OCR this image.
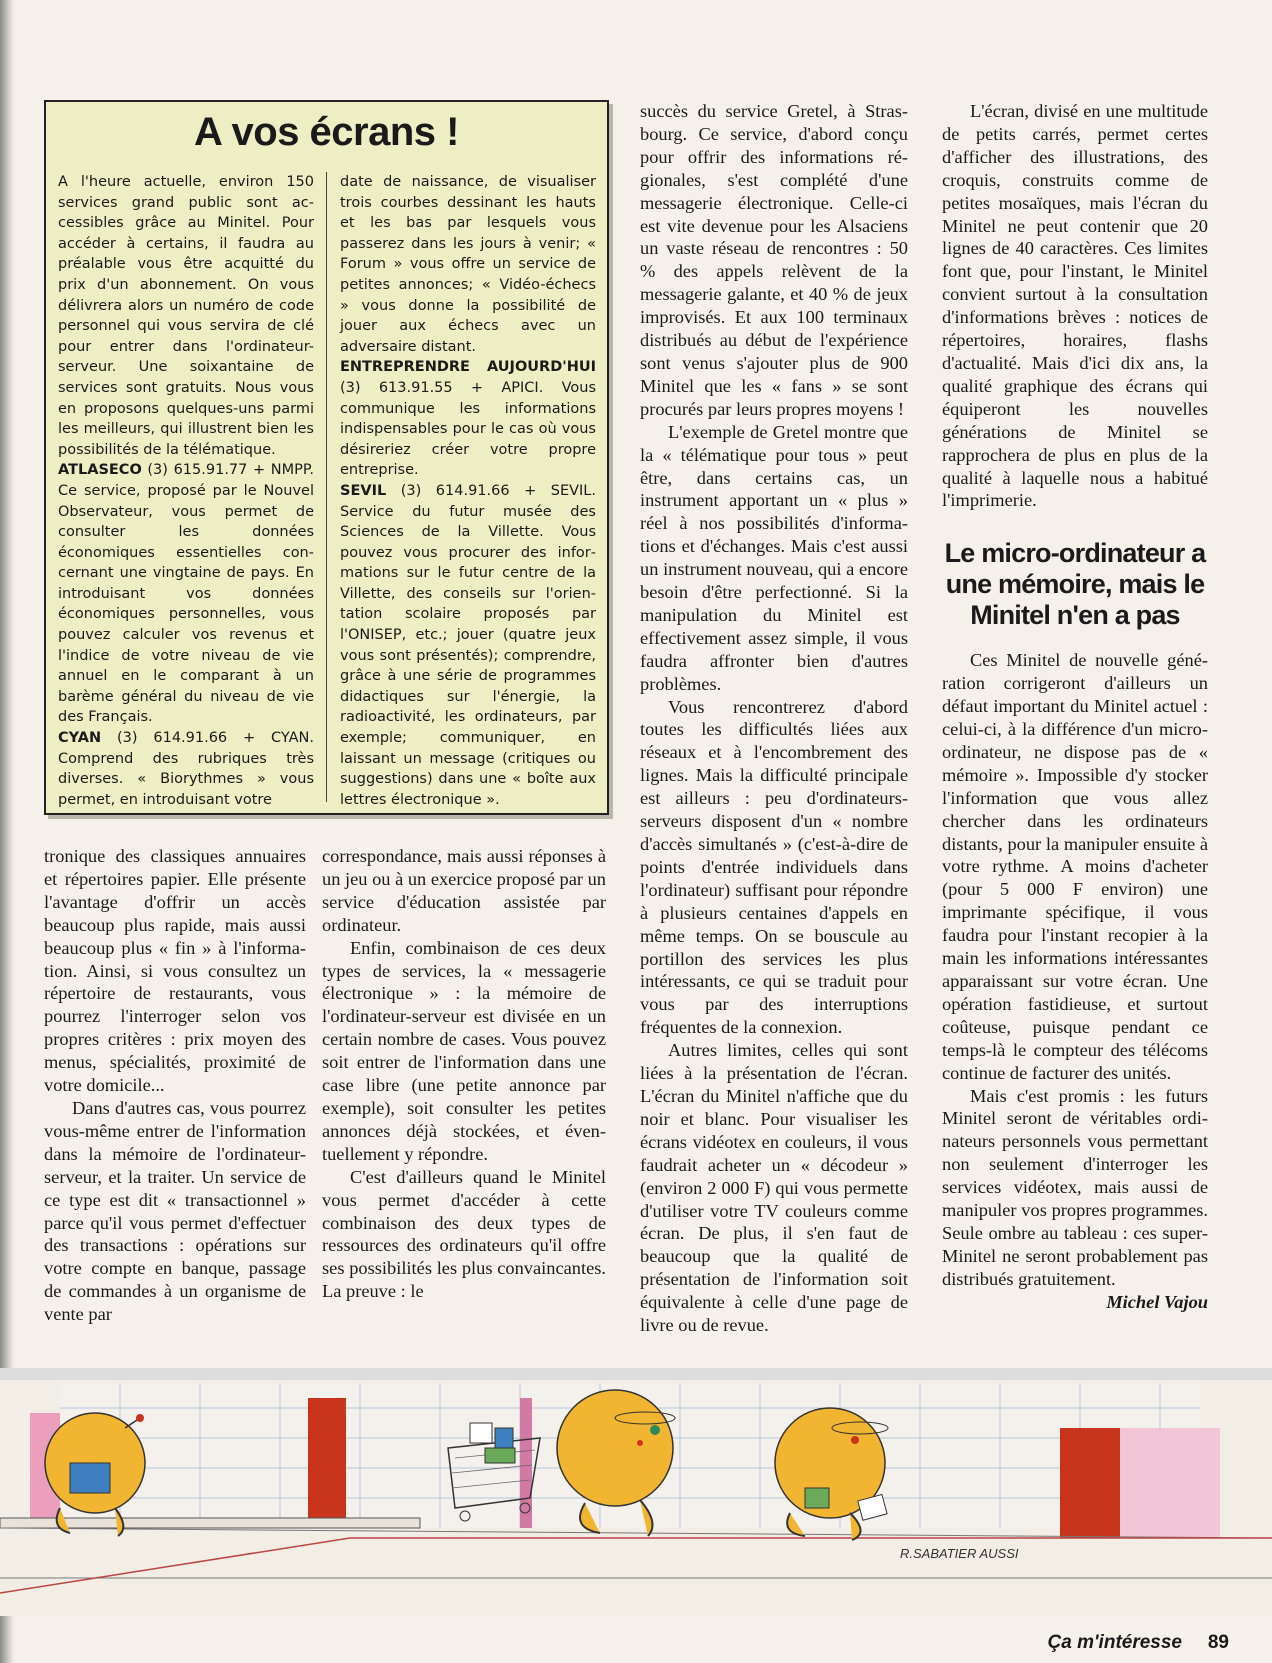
A vos écrans !

A l'heure actuelle, environ 150 services grand public sont accessibles grâce au Minitel. Pour accéder à certains, il faudra au préalable vous être acquitté du prix d'un abonnement. On vous délivrera alors un numéro de code personnel qui vous servira de clé pour entrer dans l'ordinateur-serveur. Une soixantaine de services sont gratuits. Nous vous en proposons quelques-uns parmi les meilleurs, qui illustrent bien les possibilités de la télématique.

ATLASECO (3) 615.91.77 + NMPP. Ce service, proposé par le Nouvel Observateur, vous permet de consulter les données économiques essentielles concernant une vingtaine de pays. En introduisant vos données économiques personnelles, vous pouvez calculer vos revenus et l'indice de votre niveau de vie annuel en le comparant à un barème général du niveau de vie des Français.

CYAN (3) 614.91.66 + CYAN. Comprend des rubriques très diverses. « Biorythmes » vous permet, en introduisant votre

date de naissance, de visualiser trois courbes dessinant les hauts et les bas par lesquels vous passerez dans les jours à venir; « Forum » vous offre un service de petites annonces; « Vidéo-échecs » vous donne la possibilité de jouer aux échecs avec un adversaire distant.

ENTREPRENDRE AUJOURD'HUI (3) 613.91.55 + APICI. Vous communique les informations indispensables pour le cas où vous désireriez créer votre propre entreprise.

SEVIL (3) 614.91.66 + SEVIL. Service du futur musée des Sciences de la Villette. Vous pouvez vous procurer des informations sur le futur centre de la Villette, des conseils sur l'orientation scolaire proposés par l'ONISEP, etc.; jouer (quatre jeux vous sont présentés); comprendre, grâce à une série de programmes didactiques sur l'énergie, la radioactivité, les ordinateurs, par exemple; communiquer, en laissant un message (critiques ou suggestions) dans une « boîte aux lettres électronique ».

tronique des classiques annuaires et répertoires papier. Elle présente l'avantage d'offrir un accès beaucoup plus rapide, mais aussi beaucoup plus « fin » à l'information. Ainsi, si vous consultez un répertoire de restaurants, vous pourrez l'interroger selon vos propres critères : prix moyen des menus, spécialités, proximité de votre domicile...

Dans d'autres cas, vous pourrez vous-même entrer de l'information dans la mémoire de l'ordinateur-serveur, et la traiter. Un service de ce type est dit « transactionnel » parce qu'il vous permet d'effectuer des transactions : opérations sur votre compte en banque, passage de commandes à un organisme de vente par

correspondance, mais aussi réponses à un jeu ou à un exercice proposé par un service d'éducation assistée par ordinateur.

Enfin, combinaison de ces deux types de services, la « messagerie électronique » : la mémoire de l'ordinateur-serveur est divisée en un certain nombre de cases. Vous pouvez soit entrer de l'information dans une case libre (une petite annonce par exemple), soit consulter les petites annonces déjà stockées, et éventuellement y répondre.

C'est d'ailleurs quand le Minitel vous permet d'accéder à cette combinaison des deux types de ressources des ordinateurs qu'il offre ses possibilités les plus convaincantes. La preuve : le

succès du service Gretel, à Strasbourg. Ce service, d'abord conçu pour offrir des informations régionales, s'est complété d'une messagerie électronique. Celle-ci est vite devenue pour les Alsaciens un vaste réseau de rencontres : 50 % des appels relèvent de la messagerie galante, et 40 % de jeux improvisés. Et aux 100 terminaux distribués au début de l'expérience sont venus s'ajouter plus de 900 Minitel que les « fans » se sont procurés par leurs propres moyens !

L'exemple de Gretel montre que la « télématique pour tous » peut être, dans certains cas, un instrument apportant un « plus » réel à nos possibilités d'informations et d'échanges. Mais c'est aussi un instrument nouveau, qui a encore besoin d'être perfectionné. Si la manipulation du Minitel est effectivement assez simple, il vous faudra affronter bien d'autres problèmes.

Vous rencontrerez d'abord toutes les difficultés liées aux réseaux et à l'encombrement des lignes. Mais la difficulté principale est ailleurs : peu d'ordinateurs-serveurs disposent d'un « nombre d'accès simultanés » (c'est-à-dire de points d'entrée individuels dans l'ordinateur) suffisant pour répondre à plusieurs centaines d'appels en même temps. On se bouscule au portillon des services les plus intéressants, ce qui se traduit pour vous par des interruptions fréquentes de la connexion.

Autres limites, celles qui sont liées à la présentation de l'écran. L'écran du Minitel n'affiche que du noir et blanc. Pour visualiser les écrans vidéotex en couleurs, il vous faudrait acheter un « décodeur » (environ 2 000 F) qui vous permette d'utiliser votre TV couleurs comme écran. De plus, il s'en faut de beaucoup que la qualité de présentation de l'information soit équivalente à celle d'une page de livre ou de revue.

L'écran, divisé en une multitude de petits carrés, permet certes d'afficher des illustrations, des croquis, construits comme de petites mosaïques, mais l'écran du Minitel ne peut contenir que 20 lignes de 40 caractères. Ces limites font que, pour l'instant, le Minitel convient surtout à la consultation d'informations brèves : notices de répertoires, horaires, flashs d'actualité. Mais d'ici dix ans, la qualité graphique des écrans qui équiperont les nouvelles générations de Minitel se rapprochera de plus en plus de la qualité à laquelle nous a habitué l'imprimerie.

Le micro-ordinateur a une mémoire, mais le Minitel n'en a pas

Ces Minitel de nouvelle génération corrigeront d'ailleurs un défaut important du Minitel actuel : celui-ci, à la différence d'un micro-ordinateur, ne dispose pas de « mémoire ». Impossible d'y stocker l'information que vous allez chercher dans les ordinateurs distants, pour la manipuler ensuite à votre rythme. A moins d'acheter (pour 5 000 F environ) une imprimante spécifique, il vous faudra pour l'instant recopier à la main les informations intéressantes apparaissant sur votre écran. Une opération fastidieuse, et surtout coûteuse, puisque pendant ce temps-là le compteur des télécoms continue de facturer des unités.

Mais c'est promis : les futurs Minitel seront de véritables ordinateurs personnels vous permettant non seulement d'interroger les services vidéotex, mais aussi de manipuler vos propres programmes. Seule ombre au tableau : ces super-Minitel ne seront probablement pas distribués gratuitement.

Michel Vajou
R.SABATIER AUSSI
Ça m'intéresse 89
